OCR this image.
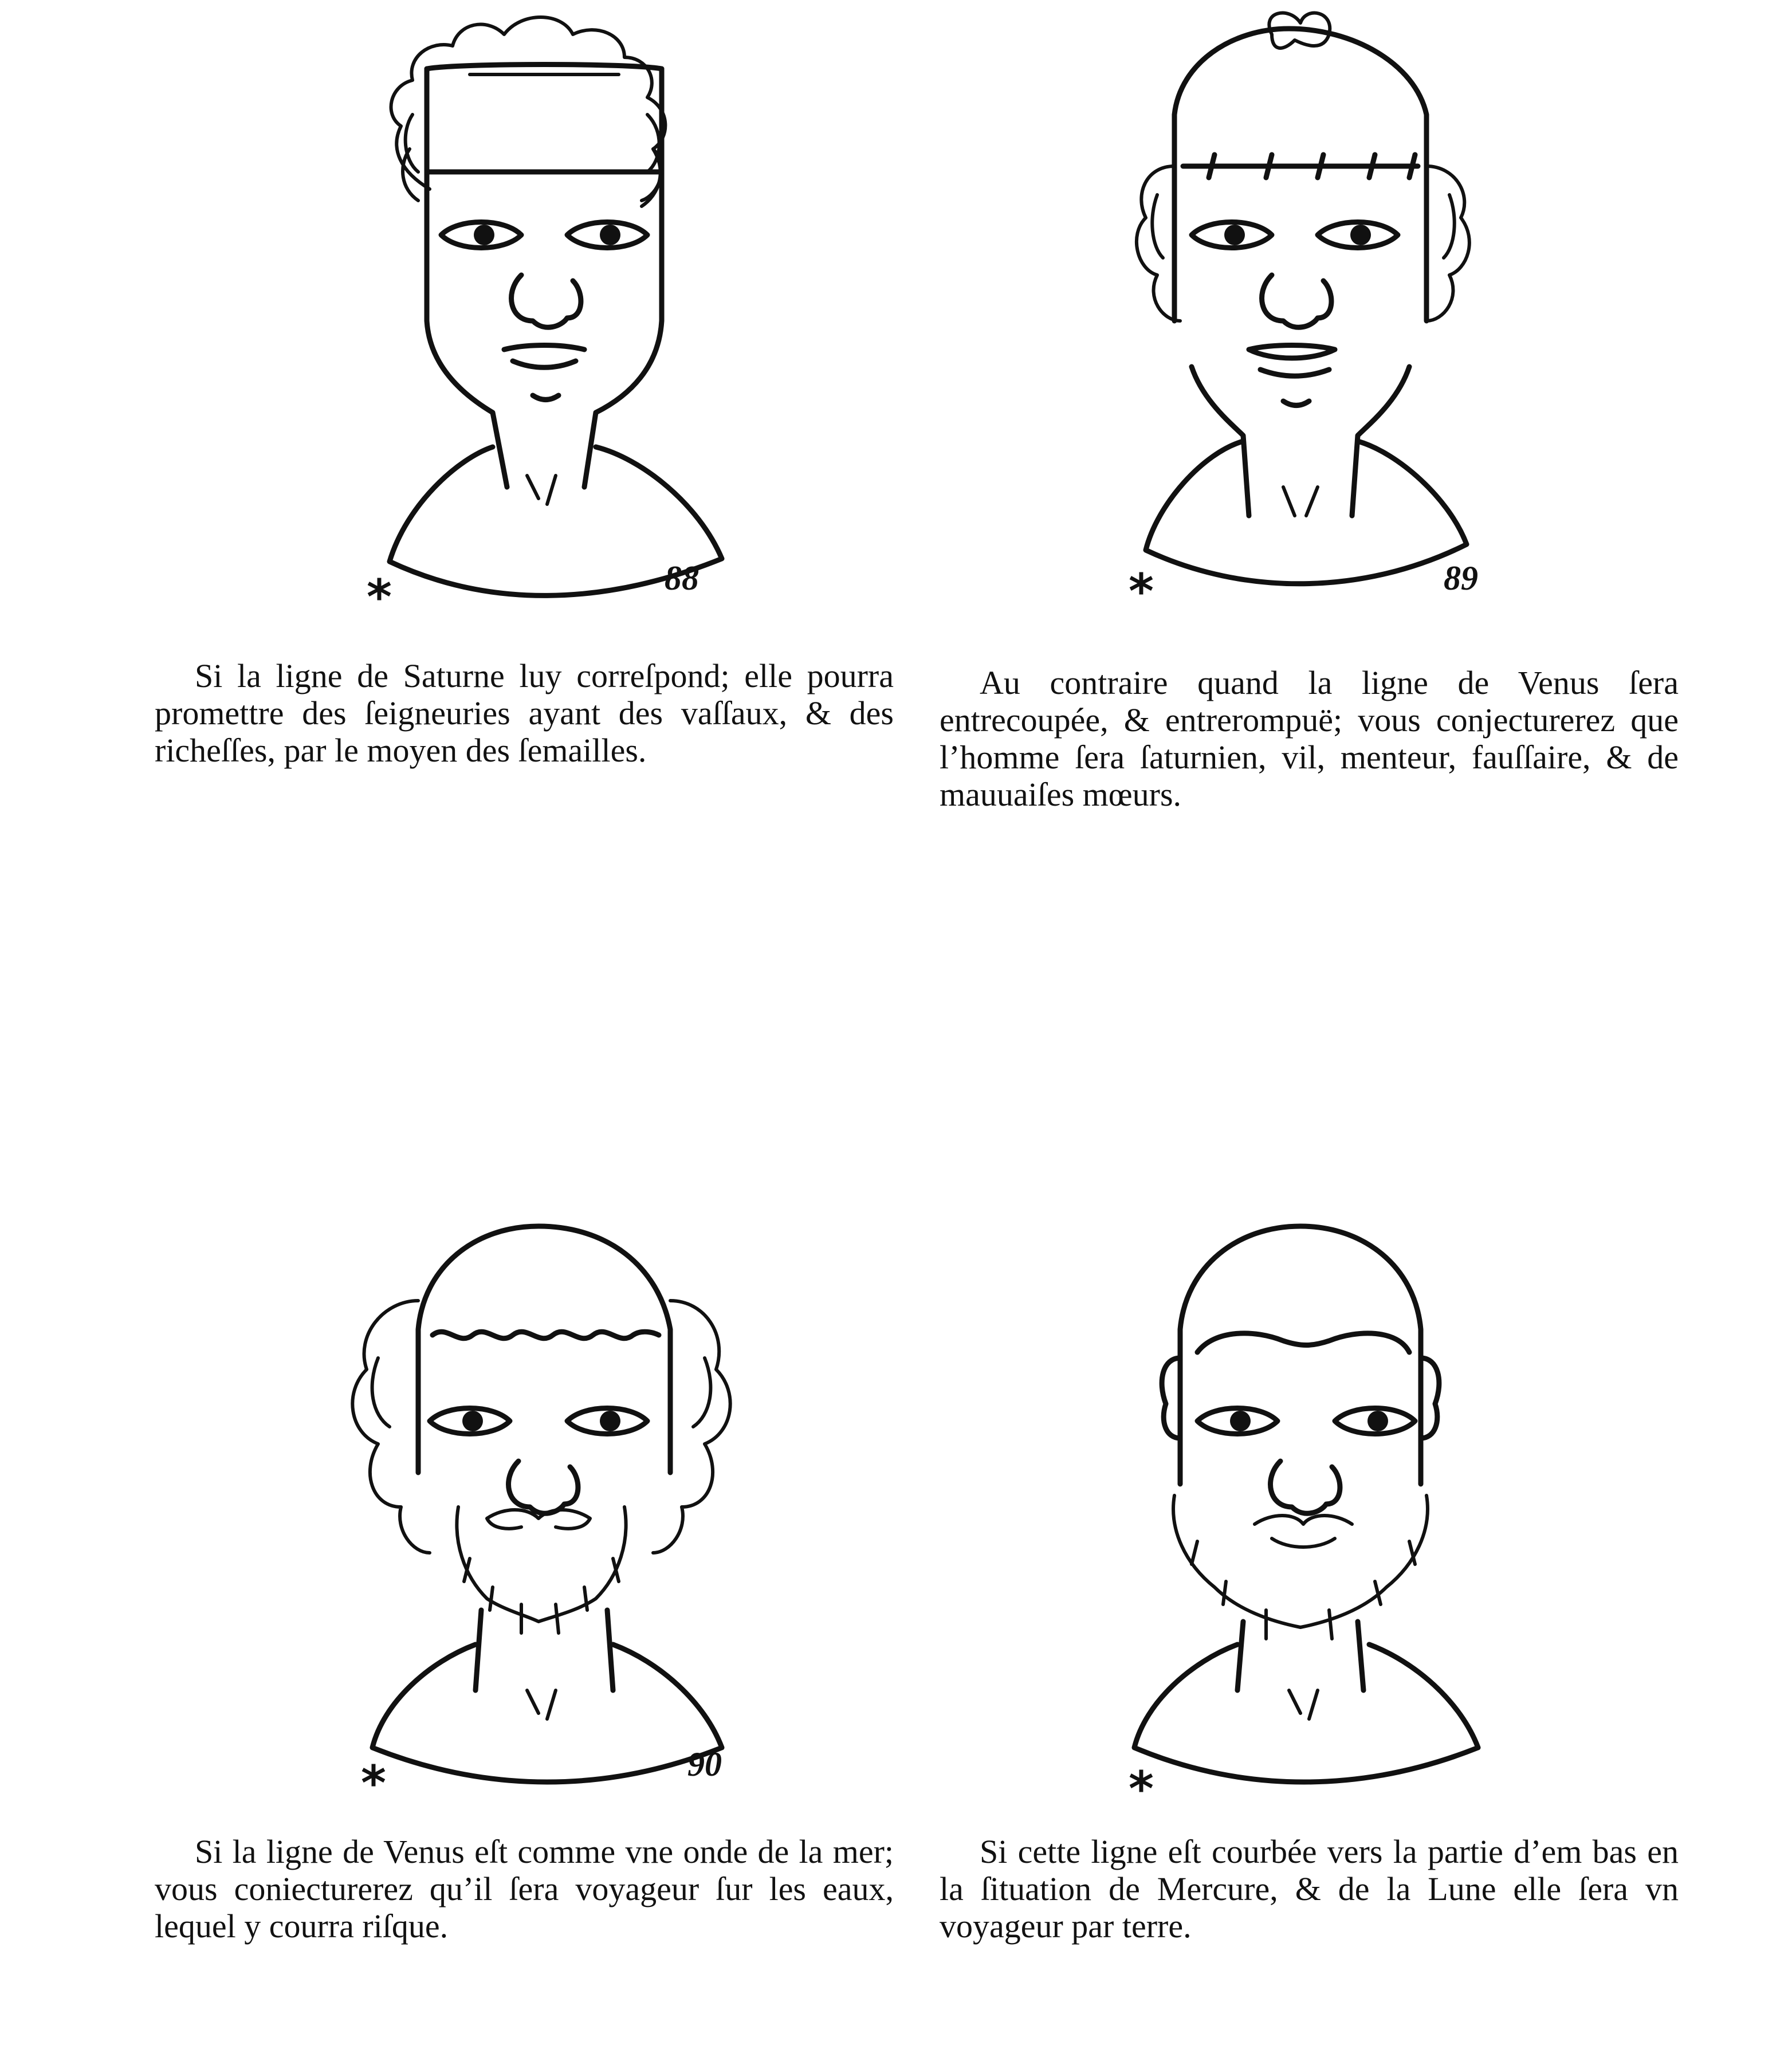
*	88	*	89
*	90	*

Si la ligne de Saturne luy correſpond; elle pourra promettre des ſeigneuries ayant des vaſſaux, & des richeſſes, par le moyen des ſemailles.

Au contraire quand la ligne de Venus ſera entrecoupée, & entrerompuë; vous conjecturerez que l’homme ſera ſaturnien, vil, menteur, fauſſaire, & de mauuaiſes mœurs.

Si la ligne de Venus eſt comme vne onde de la mer; vous coniecturerez qu’il ſera voyageur ſur les eaux, lequel y courra riſque.

Si cette ligne eſt courbée vers la partie d’em bas en la ſituation de Mercure, & de la Lune elle ſera vn voyageur par terre.
